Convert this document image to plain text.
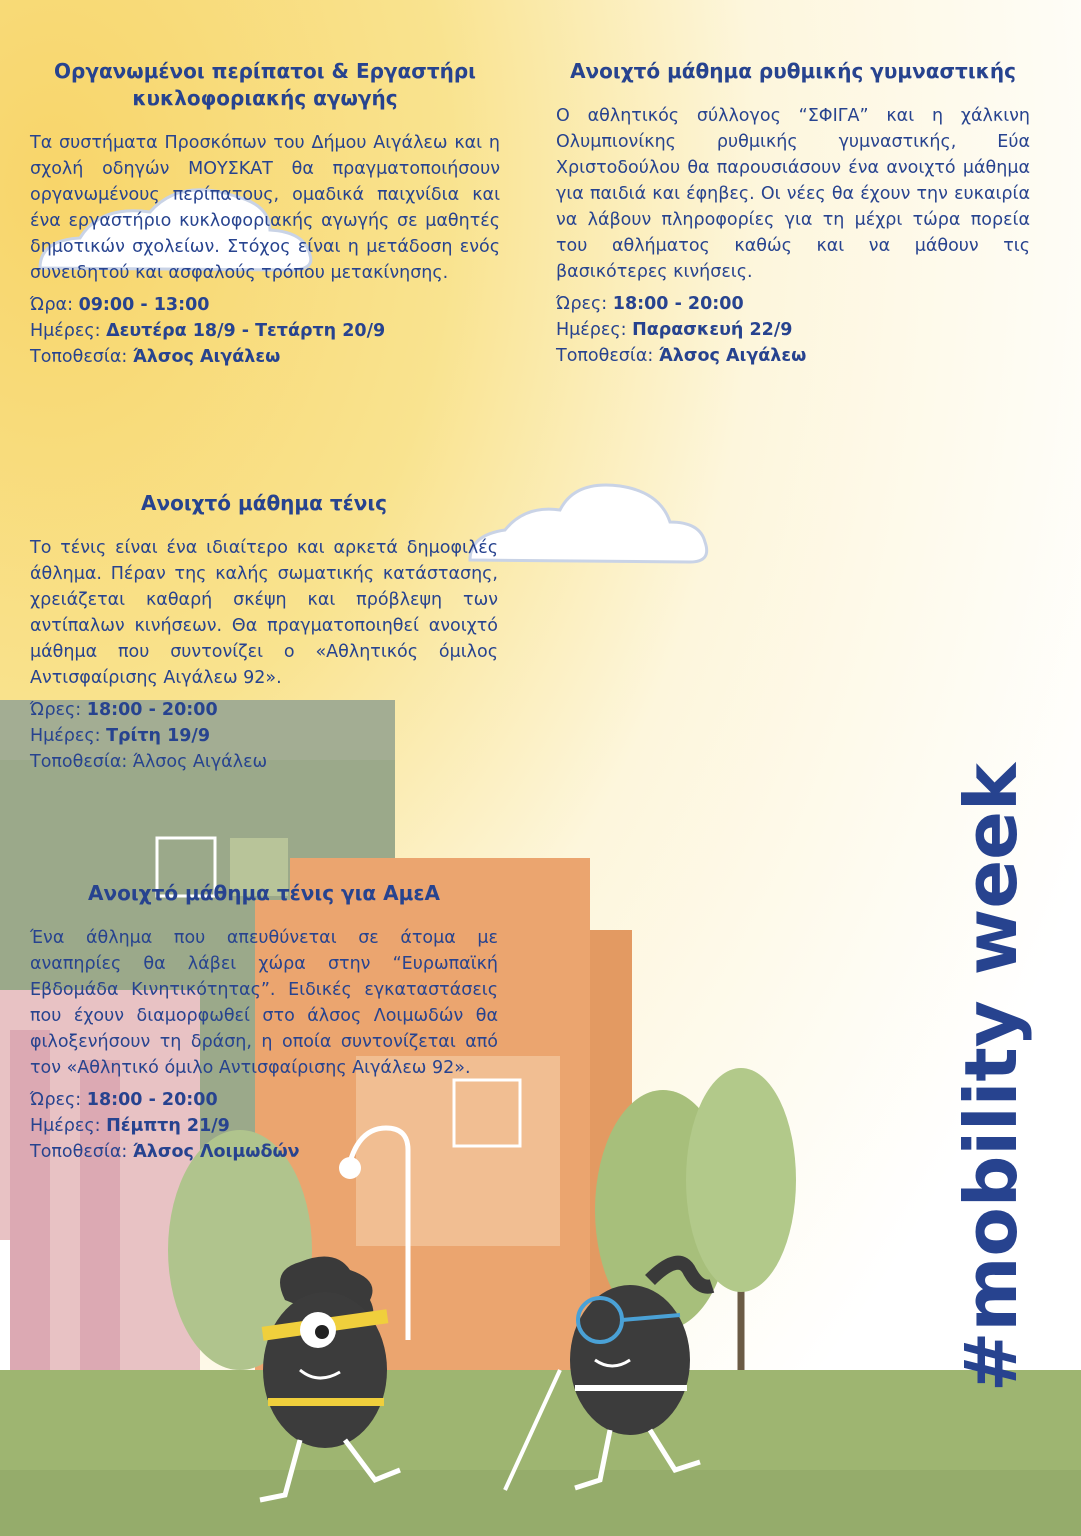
Οργανωμένοι περίπατοι & Εργαστήρι κυκλοφοριακής αγωγής

Τα συστήματα Προσκόπων του Δήμου Αιγάλεω και η σχολή οδηγών ΜΟΥΣΚΑΤ θα πραγματοποιήσουν οργανωμένους περίπατους, ομαδικά παιχνίδια και ένα εργαστήριο κυκλοφοριακής αγωγής σε μαθητές δημοτικών σχολείων. Στόχος είναι η μετάδοση ενός συνειδητού και ασφαλούς τρόπου μετακίνησης.

Ώρα: 09:00 - 13:00
Ημέρες: Δευτέρα 18/9 - Τετάρτη 20/9
Τοποθεσία: Άλσος Αιγάλεω
Ανοιχτό μάθημα ρυθμικής γυμναστικής

Ο αθλητικός σύλλογος “ΣΦΙΓΑ” και η χάλκινη Ολυμπιονίκης ρυθμικής γυμναστικής, Εύα Χριστοδούλου θα παρουσιάσουν ένα ανοιχτό μάθημα για παιδιά και έφηβες. Οι νέες θα έχουν την ευκαιρία να λάβουν πληροφορίες για τη μέχρι τώρα πορεία του αθλήματος καθώς και να μάθουν τις βασικότερες κινήσεις.

Ώρες: 18:00 - 20:00
Ημέρες: Παρασκευή 22/9
Τοποθεσία: Άλσος Αιγάλεω
Ανοιχτό μάθημα τένις

Το τένις είναι ένα ιδιαίτερο και αρκετά δημοφιλές άθλημα. Πέραν της καλής σωματικής κατάστασης, χρειάζεται καθαρή σκέψη και πρόβλεψη των αντίπαλων κινήσεων. Θα πραγματοποιηθεί ανοιχτό μάθημα που συντονίζει ο «Αθλητικός όμιλος Αντισφαίρισης Αιγάλεω 92».

Ώρες: 18:00 - 20:00
Ημέρες: Τρίτη 19/9
Τοποθεσία: Άλσος Αιγάλεω
Ανοιχτό μάθημα τένις για ΑμεΑ

Ένα άθλημα που απευθύνεται σε άτομα με αναπηρίες θα λάβει χώρα στην “Ευρωπαϊκή Εβδομάδα Κινητικότητας”. Ειδικές εγκαταστάσεις που έχουν διαμορφωθεί στο άλσος Λοιμωδών θα φιλοξενήσουν τη δράση, η οποία συντονίζεται από τον «Αθλητικό όμιλο Αντισφαίρισης Αιγάλεω 92».

Ώρες: 18:00 - 20:00
Ημέρες: Πέμπτη 21/9
Τοποθεσία: Άλσος Λοιμωδών	#mobility week
